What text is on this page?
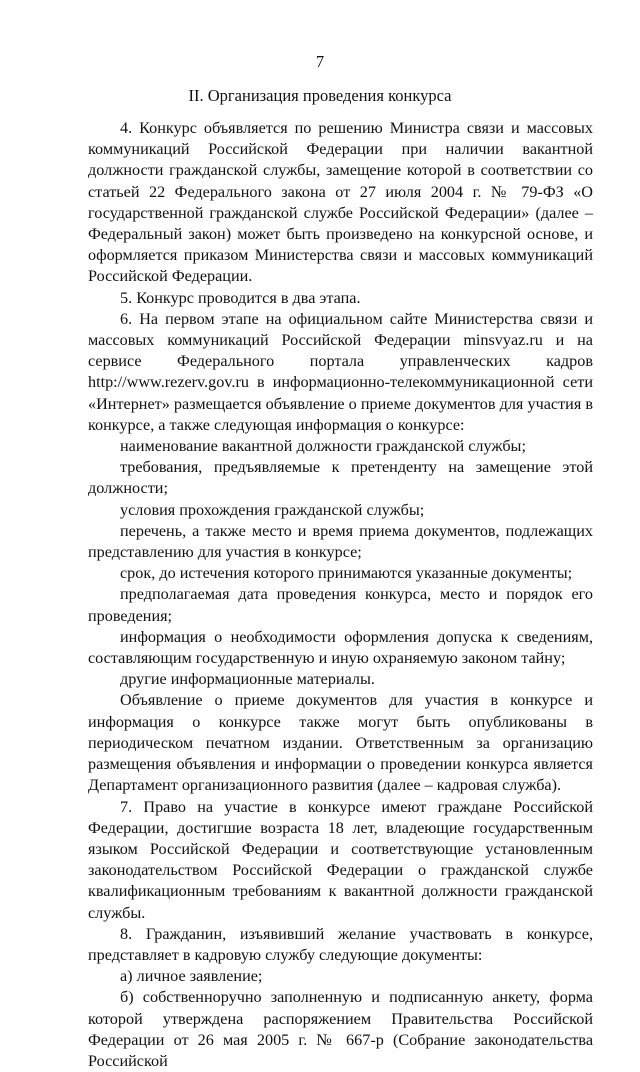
7
II. Организация проведения конкурса

4. Конкурс объявляется по решению Министра связи и массовых коммуникаций Российской Федерации при наличии вакантной должности гражданской службы, замещение которой в соответствии со статьей 22 Федерального закона от 27 июля 2004 г. № 79-ФЗ «О государственной гражданской службе Российской Федерации» (далее – Федеральный закон) может быть произведено на конкурсной основе, и оформляется приказом Министерства связи и массовых коммуникаций Российской Федерации.

5. Конкурс проводится в два этапа.

6. На первом этапе на официальном сайте Министерства связи и массовых коммуникаций Российской Федерации minsvyaz.ru и на сервисе Федерального портала управленческих кадров http://www.rezerv.gov.ru в информационно-телекоммуникационной сети «Интернет» размещается объявление о приеме документов для участия в конкурсе, а также следующая информация о конкурсе:

наименование вакантной должности гражданской службы;

требования, предъявляемые к претенденту на замещение этой должности;

условия прохождения гражданской службы;

перечень, а также место и время приема документов, подлежащих представлению для участия в конкурсе;

срок, до истечения которого принимаются указанные документы;

предполагаемая дата проведения конкурса, место и порядок его проведения;

информация о необходимости оформления допуска к сведениям, составляющим государственную и иную охраняемую законом тайну;

другие информационные материалы.

Объявление о приеме документов для участия в конкурсе и информация о конкурсе также могут быть опубликованы в периодическом печатном издании. Ответственным за организацию размещения объявления и информации о проведении конкурса является Департамент организационного развития (далее – кадровая служба).

7. Право на участие в конкурсе имеют граждане Российской Федерации, достигшие возраста 18 лет, владеющие государственным языком Российской Федерации и соответствующие установленным законодательством Российской Федерации о гражданской службе квалификационным требованиям к вакантной должности гражданской службы.

8. Гражданин, изъявивший желание участвовать в конкурсе, представляет в кадровую службу следующие документы:

а) личное заявление;

б) собственноручно заполненную и подписанную анкету, форма которой утверждена распоряжением Правительства Российской Федерации от 26 мая 2005 г. № 667-р (Собрание законодательства Российской
